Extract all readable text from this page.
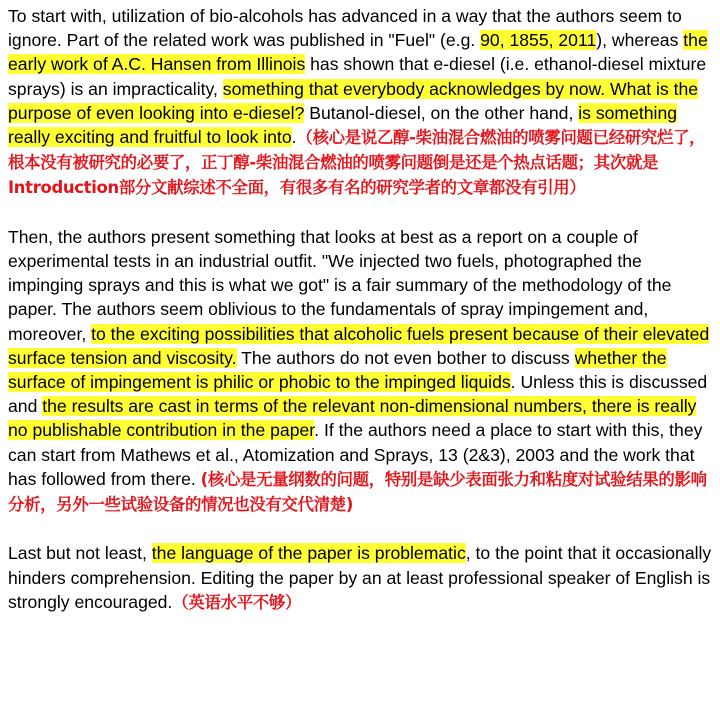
To start with, utilization of bio-alcohols has advanced in a way that the authors seem to ignore. Part of the related work was published in "Fuel" (e.g. 90, 1855, 2011), whereas the early work of A.C. Hansen from Illinois has shown that e-diesel (i.e. ethanol-diesel mixture sprays) is an impracticality, something that everybody acknowledges by now. What is the purpose of even looking into e-diesel? Butanol-diesel, on the other hand, is something really exciting and fruitful to look into.（核心是说乙醇-柴油混合燃油的喷雾问题已经研究烂了，根本没有被研究的必要了，正丁醇-柴油混合燃油的喷雾问题倒是还是个热点话题；其次就是Introduction部分文献综述不全面，有很多有名的研究学者的文章都没有引用）

Then, the authors present something that looks at best as a report on a couple of experimental tests in an industrial outfit. "We injected two fuels, photographed the impinging sprays and this is what we got" is a fair summary of the methodology of the paper. The authors seem oblivious to the fundamentals of spray impingement and, moreover, to the exciting possibilities that alcoholic fuels present because of their elevated surface tension and viscosity. The authors do not even bother to discuss whether the surface of impingement is philic or phobic to the impinged liquids. Unless this is discussed and the results are cast in terms of the relevant non-dimensional numbers, there is really no publishable contribution in the paper. If the authors need a place to start with this, they can start from Mathews et al., Atomization and Sprays, 13 (2&3), 2003 and the work that has followed from there. (核心是无量纲数的问题，特别是缺少表面张力和粘度对试验结果的影响分析，另外一些试验设备的情况也没有交代清楚)

Last but not least, the language of the paper is problematic, to the point that it occasionally hinders comprehension. Editing the paper by an at least professional speaker of English is strongly encouraged.（英语水平不够）
